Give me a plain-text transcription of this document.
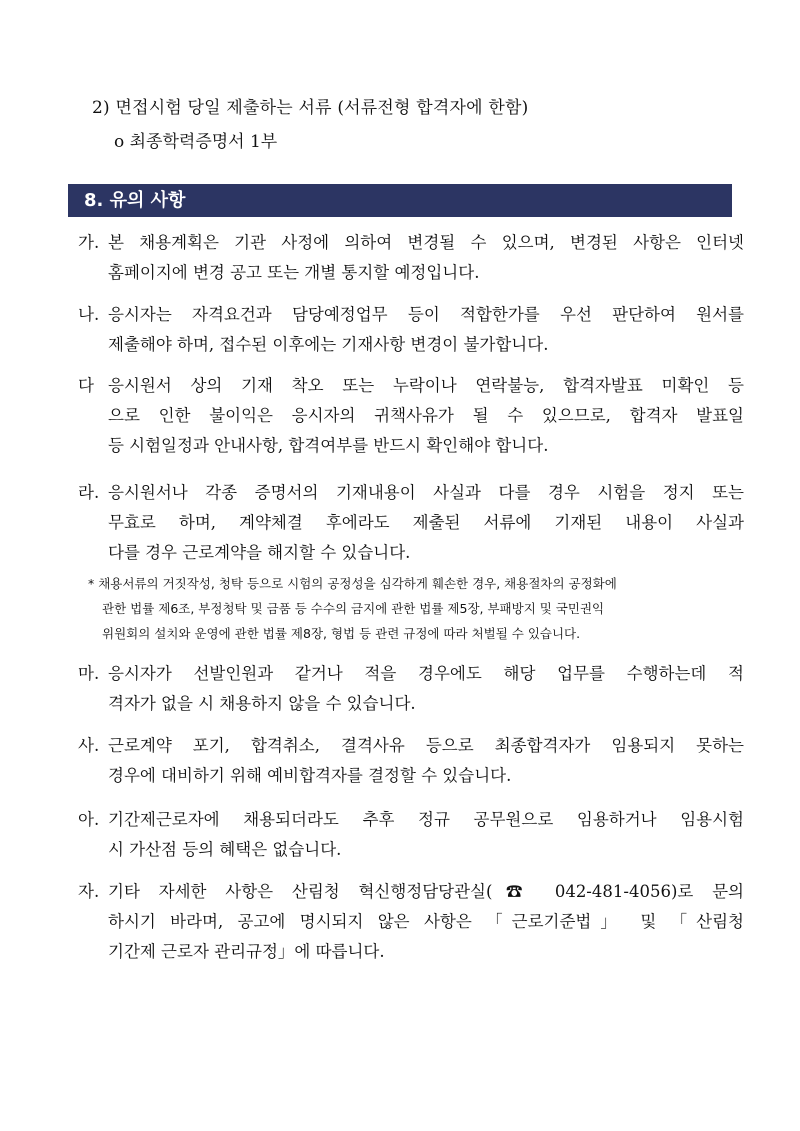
2) 면접시험 당일 제출하는 서류 (서류전형 합격자에 한함)
o 최종학력증명서 1부
8. 유의 사항
가. 본 채용계획은 기관 사정에 의하여 변경될 수 있으며, 변경된 사항은 인터넷
홈페이지에 변경 공고 또는 개별 통지할 예정입니다.
나. 응시자는 자격요건과 담당예정업무 등이 적합한가를 우선 판단하여 원서를
제출해야 하며, 접수된 이후에는 기재사항 변경이 불가합니다.
다 응시원서 상의 기재 착오 또는 누락이나 연락불능, 합격자발표 미확인 등
으로 인한 불이익은 응시자의 귀책사유가 될 수 있으므로, 합격자 발표일
등 시험일정과 안내사항, 합격여부를 반드시 확인해야 합니다.
라. 응시원서나 각종 증명서의 기재내용이 사실과 다를 경우 시험을 정지 또는
무효로 하며, 계약체결 후에라도 제출된 서류에 기재된 내용이 사실과
다를 경우 근로계약을 해지할 수 있습니다.
* 채용서류의 거짓작성, 청탁 등으로 시험의 공정성을 심각하게 훼손한 경우, 채용절차의 공정화에
관한 법률 제6조, 부정청탁 및 금품 등 수수의 금지에 관한 법률 제5장, 부패방지 및 국민권익
위원회의 설치와 운영에 관한 법률 제8장, 형법 등 관련 규정에 따라 처벌될 수 있습니다.
마. 응시자가 선발인원과 같거나 적을 경우에도 해당 업무를 수행하는데 적
격자가 없을 시 채용하지 않을 수 있습니다.
사. 근로계약 포기, 합격취소, 결격사유 등으로 최종합격자가 임용되지 못하는
경우에 대비하기 위해 예비합격자를 결정할 수 있습니다.
아. 기간제근로자에 채용되더라도 추후 정규 공무원으로 임용하거나 임용시험
시 가산점 등의 혜택은 없습니다.
자. 기타 자세한 사항은 산림청 혁신행정담당관실(☎ 042-481-4056)로 문의
하시기 바라며, 공고에 명시되지 않은 사항은 「근로기준법」 및 「산림청
기간제 근로자 관리규정」에 따릅니다.
